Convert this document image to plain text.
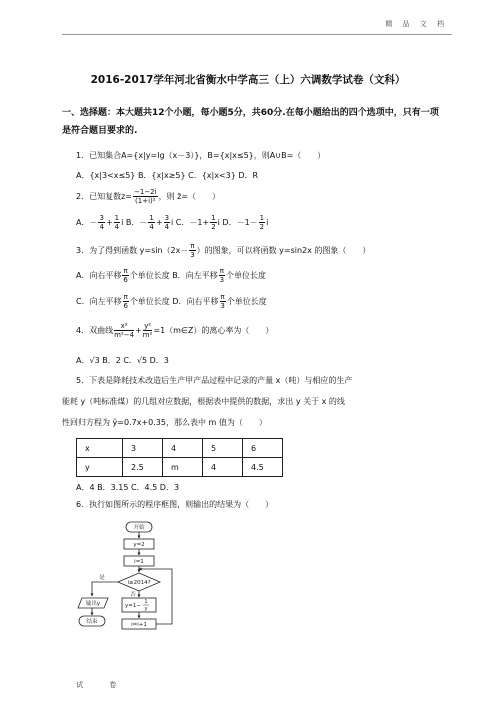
精 品 文 档
2016-2017学年河北省衡水中学高三（上）六调数学试卷（文科）
一、选择题：本大题共12个小题，每小题5分，共60分.在每小题给出的四个选项中，只有一项是符合题目要求的.
1．已知集合A={x|y=lg（x－3）}，B={x|x≤5}，则A∪B=（　　）
A．{x|3<x≤5} B．{x|x≥5} C．{x|x<3} D．R
2．已知复数$z= \frac{-1-2i}{\text{(1+i)²}}$ ，则 z̄=（　　）
A．－ $\frac{3}{4} + \frac{1}{4}$ i B．－ $\frac{1}{4} + \frac{3}{4}$ i C．$-1+ \frac{1}{2}$ i D．$-1- \frac{1}{2}$ i
3．为了得到函数 $y=\sin(2x- \frac{\pi}{3}$ ）的图象，可以将函数 y=sin2x 的图象（　　）
A．向右平移 $\frac{\pi}{6}$ 个单位长度 B．向左平移 $\frac{\pi}{3}$ 个单位长度
C．向左平移 $\frac{\pi}{6}$ 个单位长度 D．向右平移 $\frac{\pi}{3}$ 个单位长度
4．双曲线 $\frac{\text{x²}}{\text{m²−4}} + \frac{\text{y²}}{\text{m²}}$ =1（m∈Z）的离心率为（　　）
A．√3 B．2 C．√5 D．3
5．下表是降耗技术改造后生产甲产品过程中记录的产量 x（吨）与相应的生产
能耗 y（吨标准煤）的几组对应数据，根据表中提供的数据，求出 y 关于 x 的线
性回归方程为 ŷ=0.7x+0.35，那么表中 m 值为（　　）
x	3	4	5	6
y	2.5	m	4	4.5
A．4 B．3.15 C．4.5 D．3
6．执行如图所示的程序框图，则输出的结果为（　　）
开始
y=2
i=1
i≥2014?
是
否
输出y
结束
y=1−
1
y
i=i+1
试 卷
